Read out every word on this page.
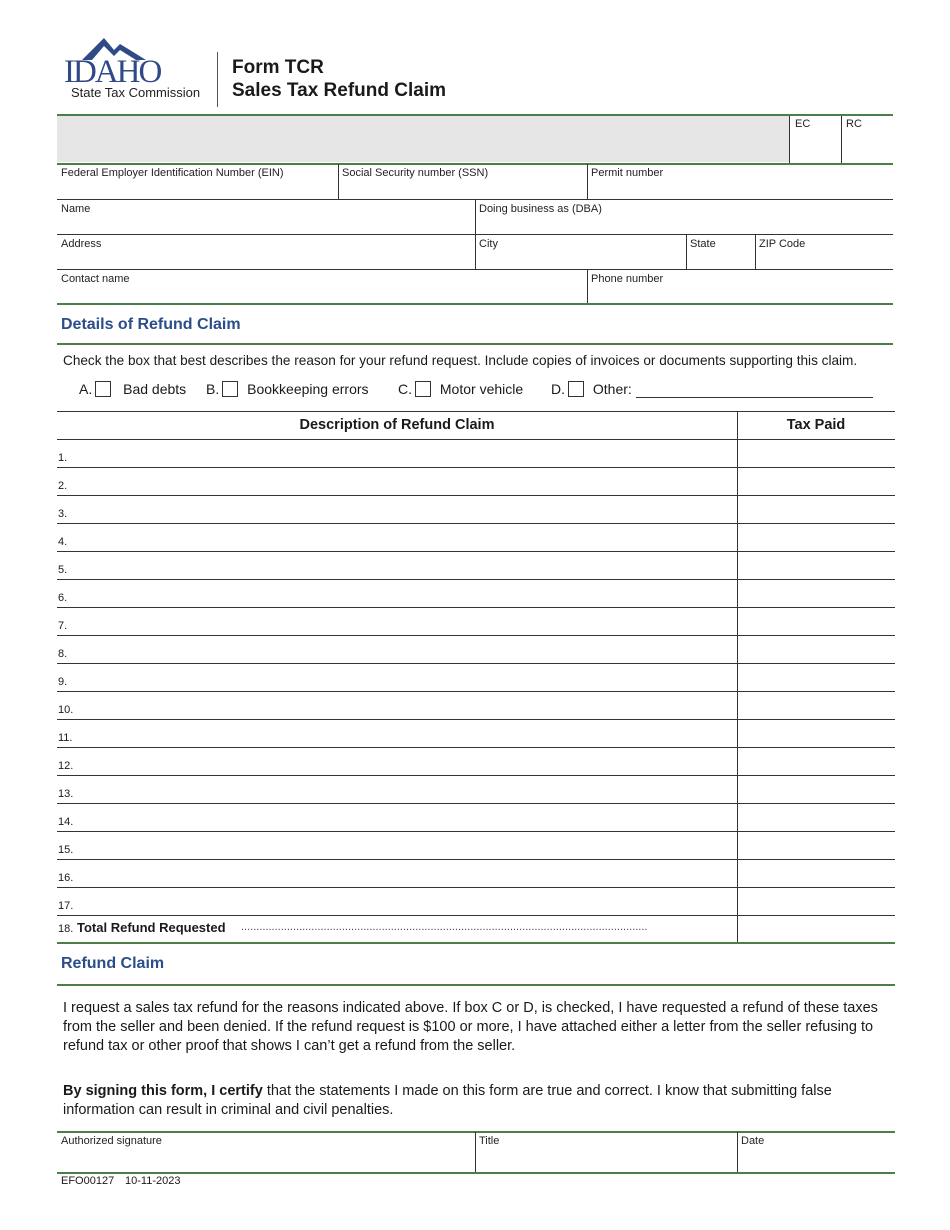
IDAHO
State Tax Commission
Form TCR
Sales Tax Refund Claim
EC	RC
Federal Employer Identification Number (EIN)	Social Security number (SSN)	Permit number
Name	Doing business as (DBA)
Address	City	State	ZIP Code
Contact name	Phone number
Details of Refund Claim
Check the box that best describes the reason for your refund request. Include copies of invoices or documents supporting this claim.
A. Bad debts B. Bookkeeping errors C. Motor vehicle D. Other:
Description of Refund Claim	Tax Paid
1.
2.
3.
4.
5.
6.
7.
8.
9.
10.
11.
12.
13.
14.
15.
16.
17.
18. Total Refund Requested .....................................................................................................................................
Refund Claim
I request a sales tax refund for the reasons indicated above. If box C or D, is checked, I have requested a refund of these taxes from the seller and been denied. If the refund request is $100 or more, I have attached either a letter from the seller refusing to refund tax or other proof that shows I can’t get a refund from the seller.
By signing this form, I certify that the statements I made on this form are true and correct. I know that submitting false information can result in criminal and civil penalties.
Authorized signature	Title	Date
EFO00127 10-11-2023
